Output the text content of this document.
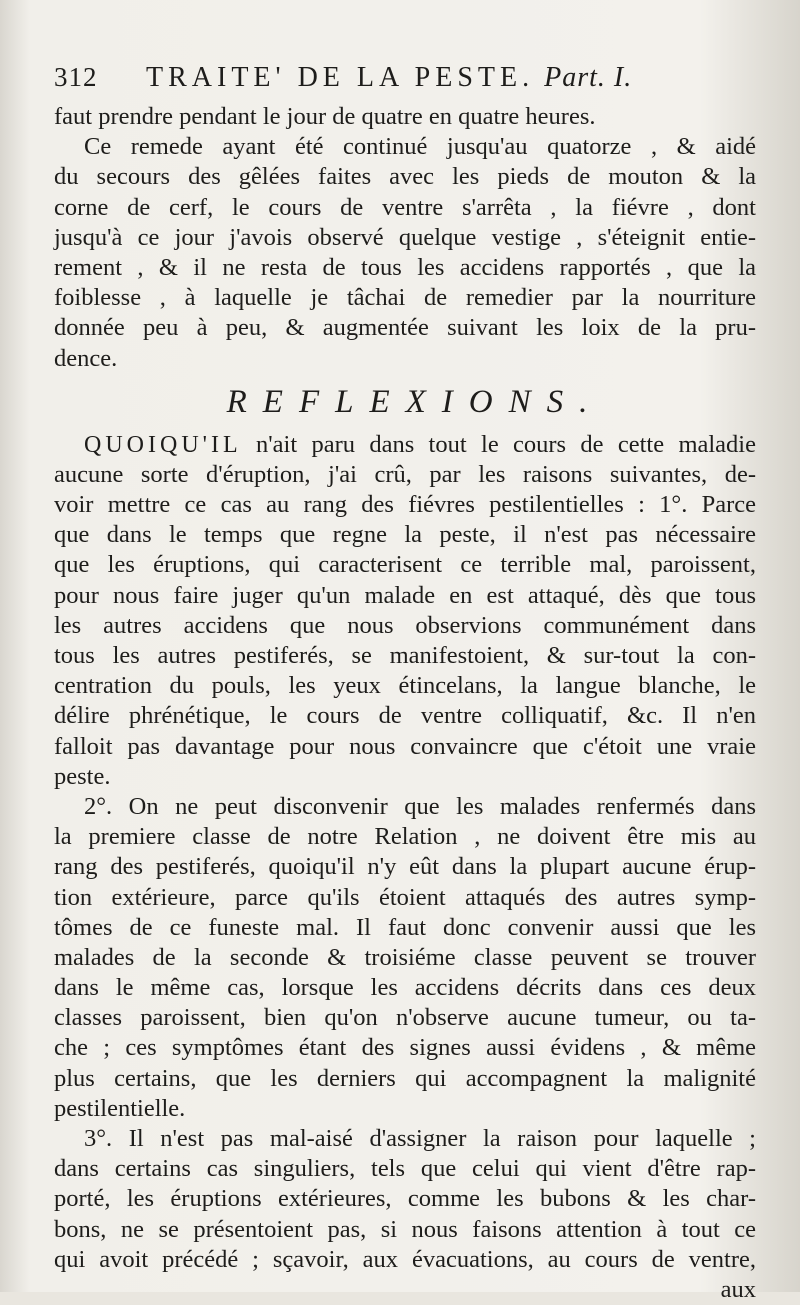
312	TRAITE' DE LA PESTE. Part. I.
faut prendre pendant le jour de quatre en quatre heures.
Ce remede ayant été continué jusqu'au quatorze , & aidé
du secours des gêlées faites avec les pieds de mouton & la
corne de cerf, le cours de ventre s'arrêta , la fiévre , dont
jusqu'à ce jour j'avois observé quelque vestige , s'éteignit entie-
rement , & il ne resta de tous les accidens rapportés , que la
foiblesse , à laquelle je tâchai de remedier par la nourriture
donnée peu à peu, & augmentée suivant les loix de la pru-
dence.
REFLEXIONS.
QUOIQU'IL n'ait paru dans tout le cours de cette maladie
aucune sorte d'éruption, j'ai crû, par les raisons suivantes, de-
voir mettre ce cas au rang des fiévres pestilentielles : 1°. Parce
que dans le temps que regne la peste, il n'est pas nécessaire
que les éruptions, qui caracterisent ce terrible mal, paroissent,
pour nous faire juger qu'un malade en est attaqué, dès que tous
les autres accidens que nous observions communément dans
tous les autres pestiferés, se manifestoient, & sur-tout la con-
centration du pouls, les yeux étincelans, la langue blanche, le
délire phrénétique, le cours de ventre colliquatif, &c. Il n'en
falloit pas davantage pour nous convaincre que c'étoit une vraie
peste.
2°. On ne peut disconvenir que les malades renfermés dans
la premiere classe de notre Relation , ne doivent être mis au
rang des pestiferés, quoiqu'il n'y eût dans la plupart aucune érup-
tion extérieure, parce qu'ils étoient attaqués des autres symp-
tômes de ce funeste mal. Il faut donc convenir aussi que les
malades de la seconde & troisiéme classe peuvent se trouver
dans le même cas, lorsque les accidens décrits dans ces deux
classes paroissent, bien qu'on n'observe aucune tumeur, ou ta-
che ; ces symptômes étant des signes aussi évidens , & même
plus certains, que les derniers qui accompagnent la malignité
pestilentielle.
3°. Il n'est pas mal-aisé d'assigner la raison pour laquelle ;
dans certains cas singuliers, tels que celui qui vient d'être rap-
porté, les éruptions extérieures, comme les bubons & les char-
bons, ne se présentoient pas, si nous faisons attention à tout ce
qui avoit précédé ; sçavoir, aux évacuations, au cours de ventre,
aux
